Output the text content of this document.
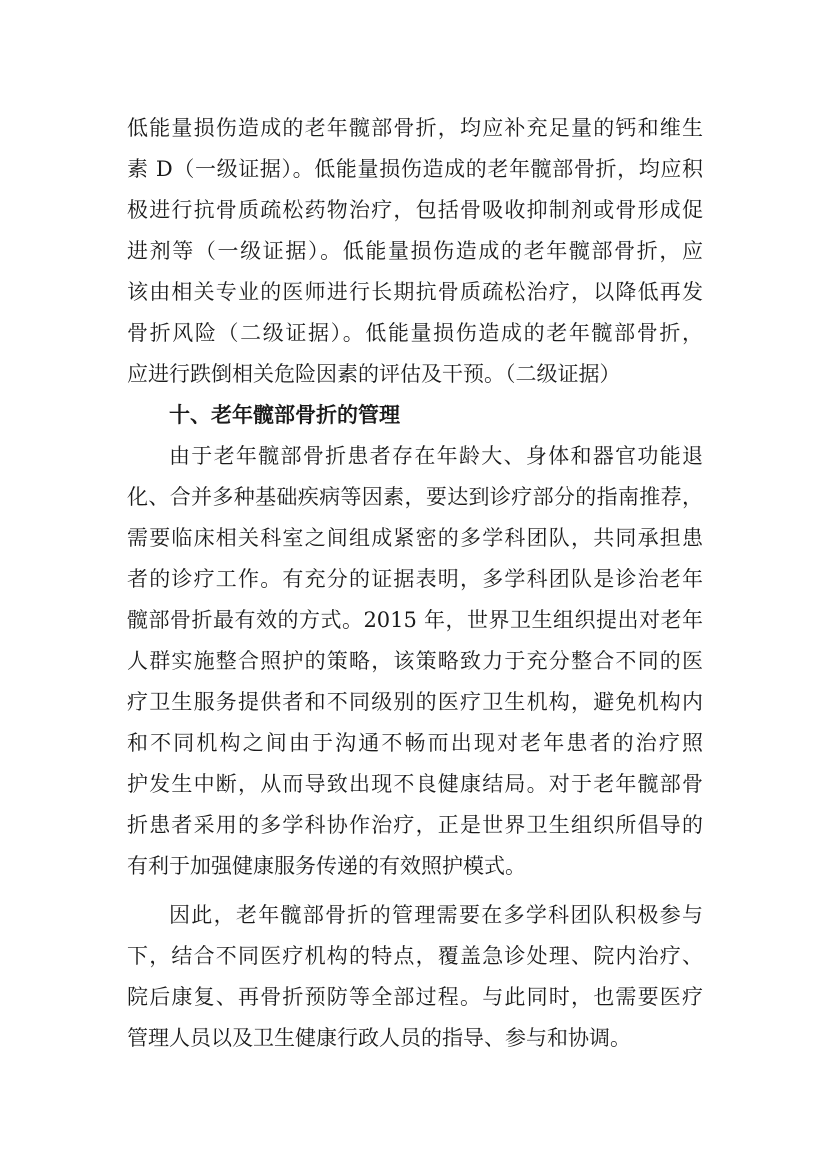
低能量损伤造成的老年髋部骨折，均应补充足量的钙和维生
素 D（一级证据）。低能量损伤造成的老年髋部骨折，均应积
极进行抗骨质疏松药物治疗，包括骨吸收抑制剂或骨形成促
进剂等（一级证据）。低能量损伤造成的老年髋部骨折，应
该由相关专业的医师进行长期抗骨质疏松治疗，以降低再发
骨折风险（二级证据）。低能量损伤造成的老年髋部骨折，
应进行跌倒相关危险因素的评估及干预。（二级证据）
十、老年髋部骨折的管理
由于老年髋部骨折患者存在年龄大、身体和器官功能退
化、合并多种基础疾病等因素，要达到诊疗部分的指南推荐，
需要临床相关科室之间组成紧密的多学科团队，共同承担患
者的诊疗工作。有充分的证据表明，多学科团队是诊治老年
髋部骨折最有效的方式。2015 年，世界卫生组织提出对老年
人群实施整合照护的策略，该策略致力于充分整合不同的医
疗卫生服务提供者和不同级别的医疗卫生机构，避免机构内
和不同机构之间由于沟通不畅而出现对老年患者的治疗照
护发生中断，从而导致出现不良健康结局。对于老年髋部骨
折患者采用的多学科协作治疗，正是世界卫生组织所倡导的
有利于加强健康服务传递的有效照护模式。
因此，老年髋部骨折的管理需要在多学科团队积极参与
下，结合不同医疗机构的特点，覆盖急诊处理、院内治疗、
院后康复、再骨折预防等全部过程。与此同时，也需要医疗
管理人员以及卫生健康行政人员的指导、参与和协调。
